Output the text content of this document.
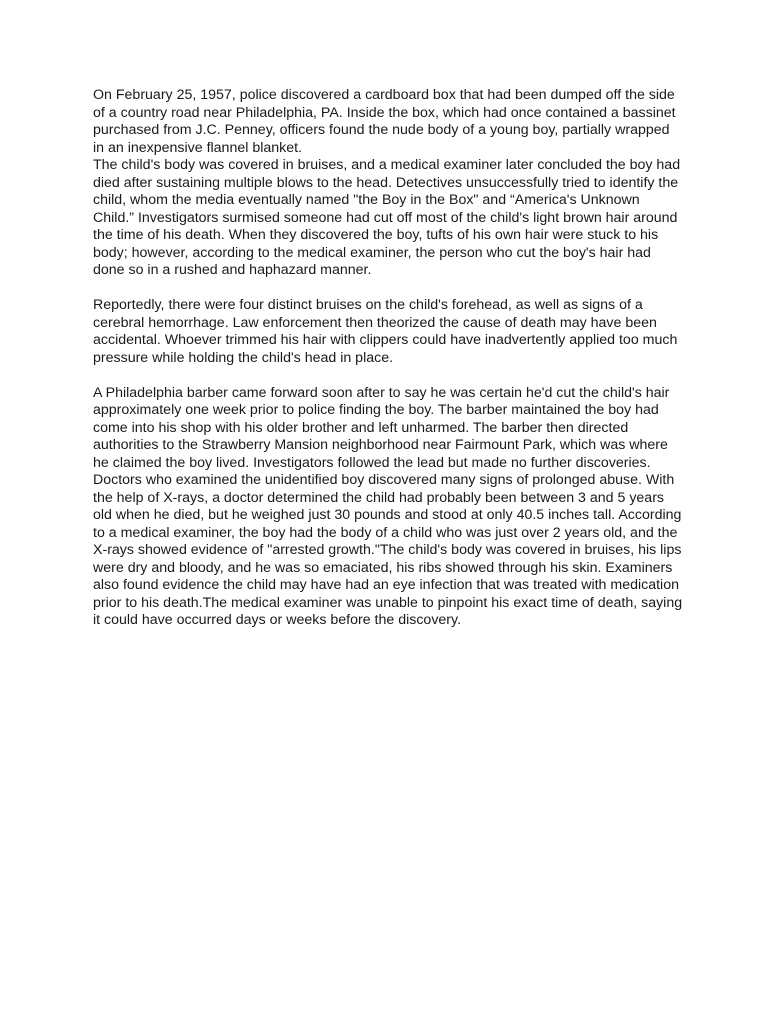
On February 25, 1957, police discovered a cardboard box that had been dumped off the side of a country road near Philadelphia, PA. Inside the box, which had once contained a bassinet purchased from J.C. Penney, officers found the nude body of a young boy, partially wrapped in an inexpensive flannel blanket.

The child's body was covered in bruises, and a medical examiner later concluded the boy had died after sustaining multiple blows to the head. Detectives unsuccessfully tried to identify the child, whom the media eventually named "the Boy in the Box" and “America's Unknown Child.” Investigators surmised someone had cut off most of the child's light brown hair around the time of his death. When they discovered the boy, tufts of his own hair were stuck to his body; however, according to the medical examiner, the person who cut the boy's hair had done so in a rushed and haphazard manner.

Reportedly, there were four distinct bruises on the child's forehead, as well as signs of a cerebral hemorrhage. Law enforcement then theorized the cause of death may have been accidental. Whoever trimmed his hair with clippers could have inadvertently applied too much pressure while holding the child's head in place.

A Philadelphia barber came forward soon after to say he was certain he'd cut the child's hair approximately one week prior to police finding the boy. The barber maintained the boy had come into his shop with his older brother and left unharmed. The barber then directed authorities to the Strawberry Mansion neighborhood near Fairmount Park, which was where he claimed the boy lived. Investigators followed the lead but made no further discoveries. Doctors who examined the unidentified boy discovered many signs of prolonged abuse. With the help of X-rays, a doctor determined the child had probably been between 3 and 5 years old when he died, but he weighed just 30 pounds and stood at only 40.5 inches tall. According to a medical examiner, the boy had the body of a child who was just over 2 years old, and the X-rays showed evidence of "arrested growth."The child's body was covered in bruises, his lips were dry and bloody, and he was so emaciated, his ribs showed through his skin. Examiners also found evidence the child may have had an eye infection that was treated with medication prior to his death.The medical examiner was unable to pinpoint his exact time of death, saying it could have occurred days or weeks before the discovery.
